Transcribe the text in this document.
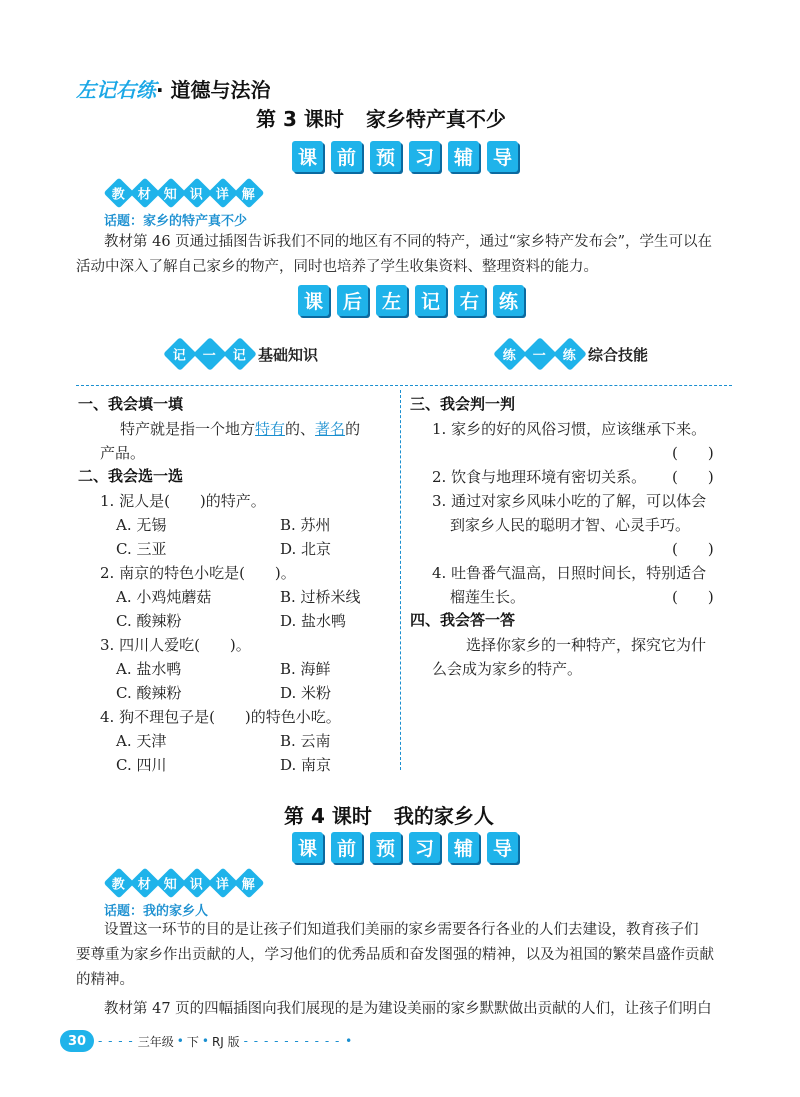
左记右练· 道德与法治
第 3 课时 家乡特产真不少
课	前	预	习	辅	导
教 材 知 识 详 解
话题：家乡的特产真不少
教材第 46 页通过插图告诉我们不同的地区有不同的特产，通过“家乡特产发布会”，学生可以在
活动中深入了解自己家乡的物产，同时也培养了学生收集资料、整理资料的能力。
课	后	左	记	右	练
记 一 记 基础知识	练 一 练 综合技能
一、我会填一填
特产就是指一个地方特有的、著名的
产品。
二、我会选一选
1. 泥人是(　　)的特产。
A. 无锡	B. 苏州
C. 三亚	D. 北京
2. 南京的特色小吃是(　　)。
A. 小鸡炖蘑菇	B. 过桥米线
C. 酸辣粉	D. 盐水鸭
3. 四川人爱吃(　　)。
A. 盐水鸭	B. 海鲜
C. 酸辣粉	D. 米粉
4. 狗不理包子是(　　)的特色小吃。
A. 天津	B. 云南
C. 四川	D. 南京
三、我会判一判
1. 家乡的好的风俗习惯，应该继承下来。
(　　)
2. 饮食与地理环境有密切关系。 (　　)
3. 通过对家乡风味小吃的了解，可以体会
到家乡人民的聪明才智、心灵手巧。
(　　)
4. 吐鲁番气温高，日照时间长，特别适合
榴莲生长。	(　　)
四、我会答一答
选择你家乡的一种特产，探究它为什
么会成为家乡的特产。
第 4 课时 我的家乡人
课	前	预	习	辅	导
教 材 知 识 详 解
话题：我的家乡人
设置这一环节的目的是让孩子们知道我们美丽的家乡需要各行各业的人们去建设，教育孩子们
要尊重为家乡作出贡献的人，学习他们的优秀品质和奋发图强的精神，以及为祖国的繁荣昌盛作贡献
的精神。
教材第 47 页的四幅插图向我们展现的是为建设美丽的家乡默默做出贡献的人们，让孩子们明白
30 - - - - 三年级 • 下 • RJ 版 - - - - - - - - - - •
